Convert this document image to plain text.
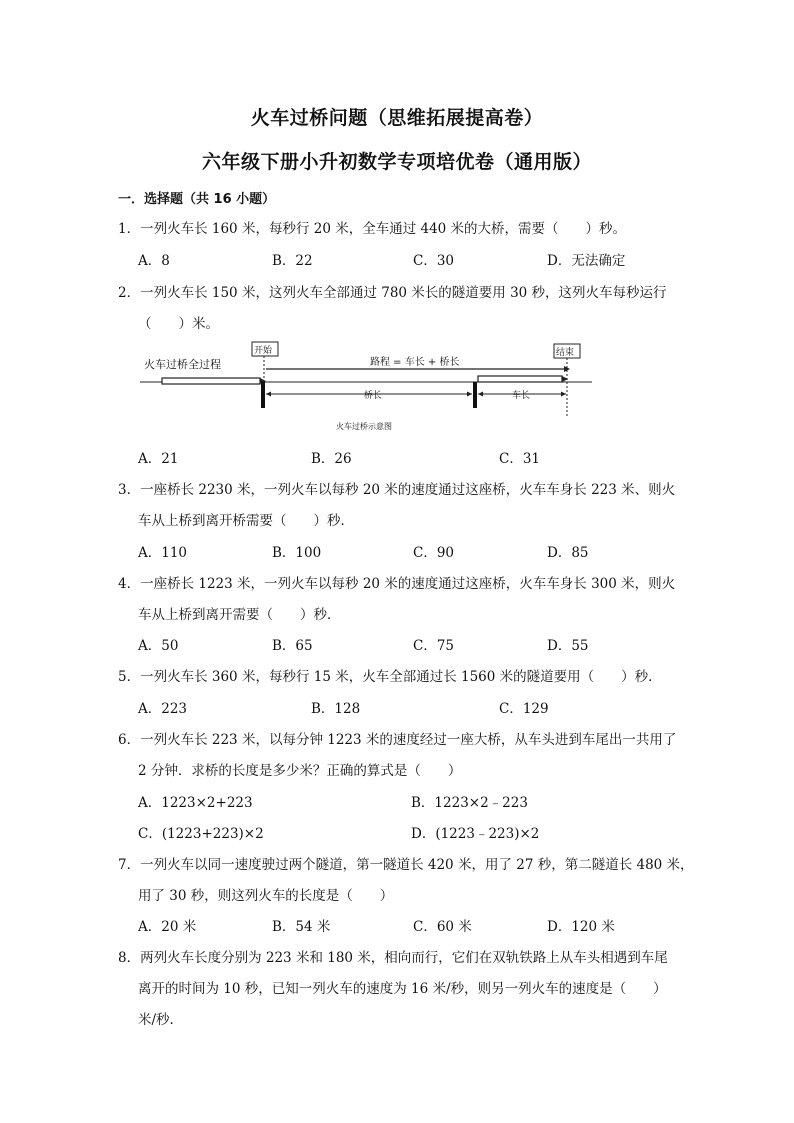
火车过桥问题（思维拓展提高卷）
六年级下册小升初数学专项培优卷（通用版）
一．选择题（共 16 小题）
1．一列火车长 160 米，每秒行 20 米，全车通过 440 米的大桥，需要（　　）秒。
A．8	B．22	C．30	D．无法确定
2．一列火车长 150 米，这列火车全部通过 780 米长的隧道要用 30 秒，这列火车每秒运行
（　　）米。
火车过桥全过程
开始	结束
路程 = 车长 + 桥长
桥长	车长
火车过桥示意图
A．21	B．26	C．31
3．一座桥长 2230 米，一列火车以每秒 20 米的速度通过这座桥，火车车身长 223 米、则火
车从上桥到离开桥需要（　　）秒．
A．110	B．100	C．90	D．85
4．一座桥长 1223 米，一列火车以每秒 20 米的速度通过这座桥，火车车身长 300 米，则火
车从上桥到离开需要（　　）秒．
A．50	B．65	C．75	D．55
5．一列火车长 360 米，每秒行 15 米，火车全部通过长 1560 米的隧道要用（　　）秒．
A．223	B．128	C．129
6．一列火车长 223 米，以每分钟 1223 米的速度经过一座大桥，从车头进到车尾出一共用了
2 分钟．求桥的长度是多少米？正确的算式是（　　）
A．1223×2+223	B．1223×2﹣223
C．(1223+223)×2	D．(1223﹣223)×2
7．一列火车以同一速度驶过两个隧道，第一隧道长 420 米，用了 27 秒，第二隧道长 480 米，
用了 30 秒，则这列火车的长度是（　　）
A．20 米	B．54 米	C．60 米	D．120 米
8．两列火车长度分别为 223 米和 180 米，相向而行，它们在双轨铁路上从车头相遇到车尾
离开的时间为 10 秒，已知一列火车的速度为 16 米/秒，则另一列火车的速度是（　　）
米/秒．
